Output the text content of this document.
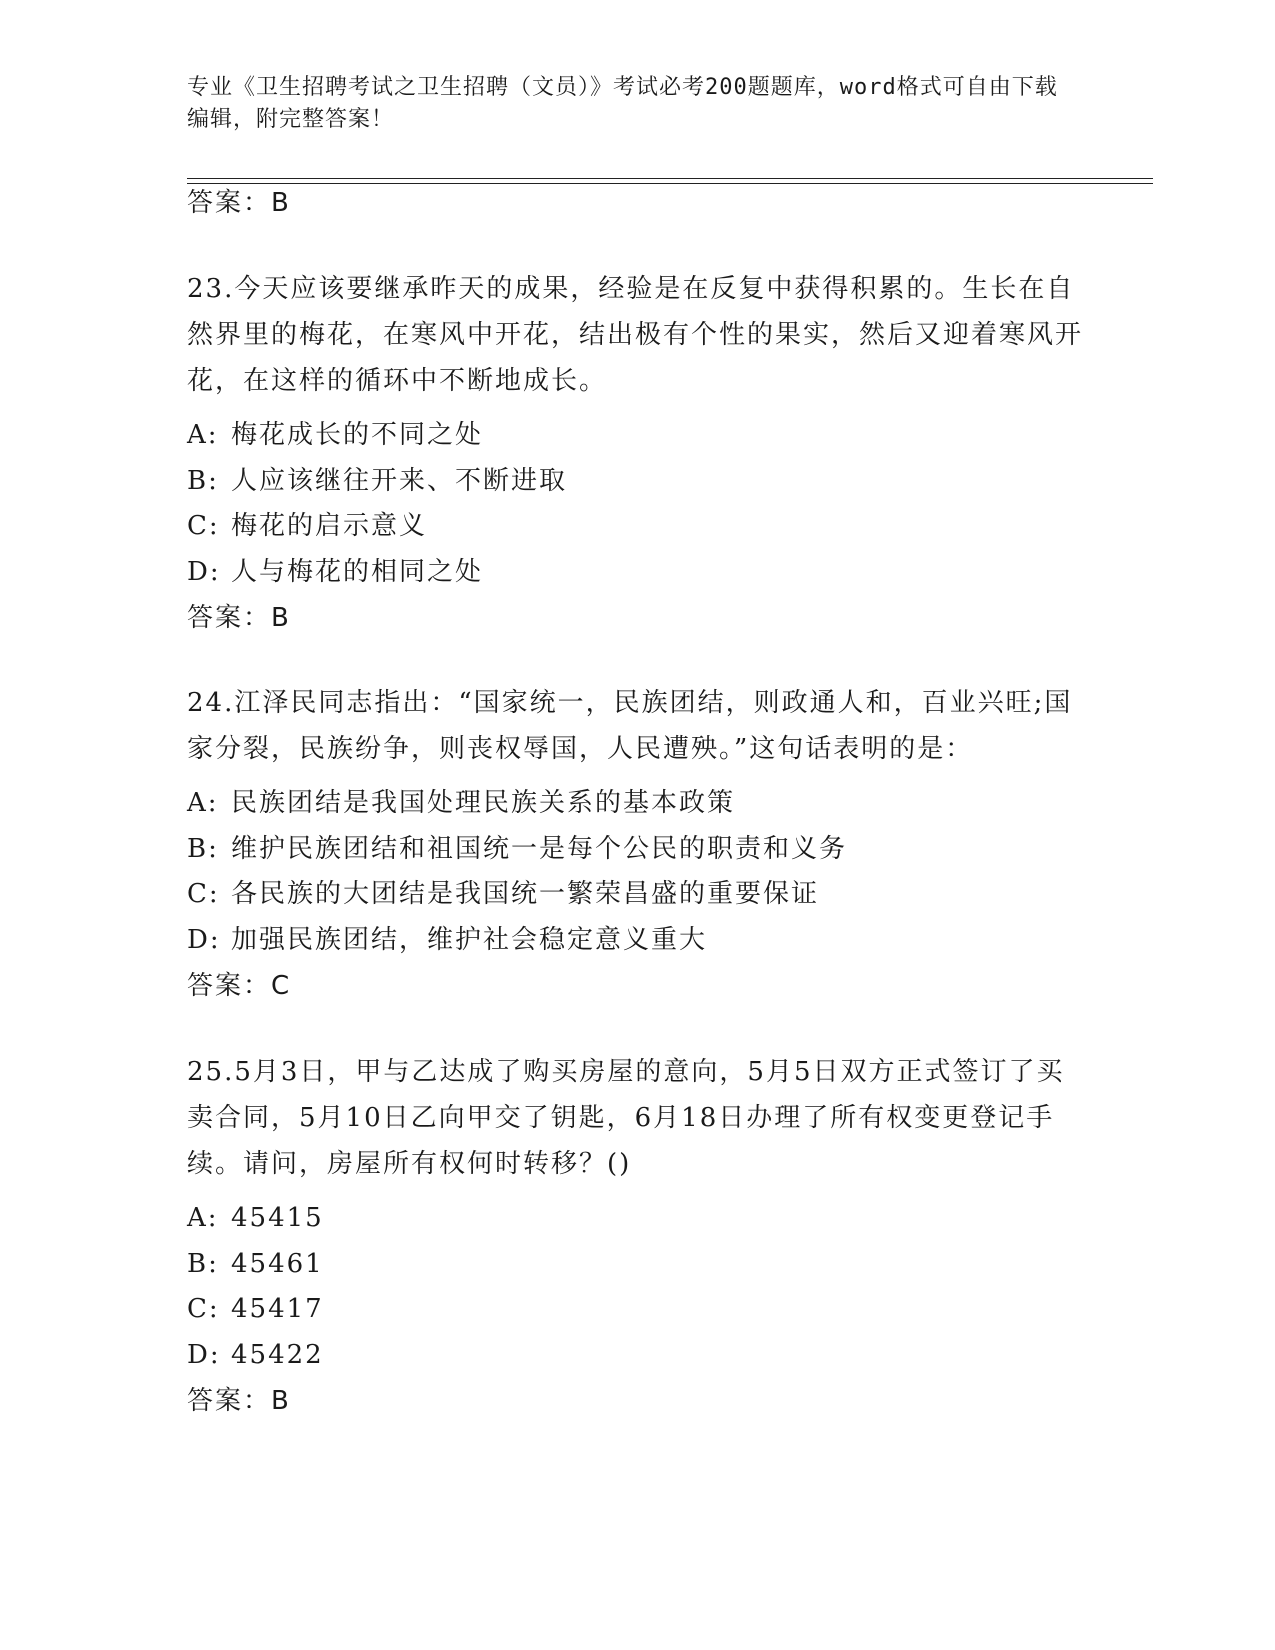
专业《卫生招聘考试之卫生招聘（文员）》考试必考200题题库，word格式可自由下载编辑，附完整答案！
答案：B
23.今天应该要继承昨天的成果，经验是在反复中获得积累的。生长在自然界里的梅花，在寒风中开花，结出极有个性的果实，然后又迎着寒风开花，在这样的循环中不断地成长。
A: 梅花成长的不同之处
B: 人应该继往开来、不断进取
C: 梅花的启示意义
D: 人与梅花的相同之处
答案：B
24.江泽民同志指出：“国家统一，民族团结，则政通人和，百业兴旺;国家分裂，民族纷争，则丧权辱国，人民遭殃。”这句话表明的是：
A: 民族团结是我国处理民族关系的基本政策
B: 维护民族团结和祖国统一是每个公民的职责和义务
C: 各民族的大团结是我国统一繁荣昌盛的重要保证
D: 加强民族团结，维护社会稳定意义重大
答案：C
25.5月3日，甲与乙达成了购买房屋的意向，5月5日双方正式签订了买卖合同，5月10日乙向甲交了钥匙，6月18日办理了所有权变更登记手续。请问，房屋所有权何时转移？()
A: 45415
B: 45461
C: 45417
D: 45422
答案：B
